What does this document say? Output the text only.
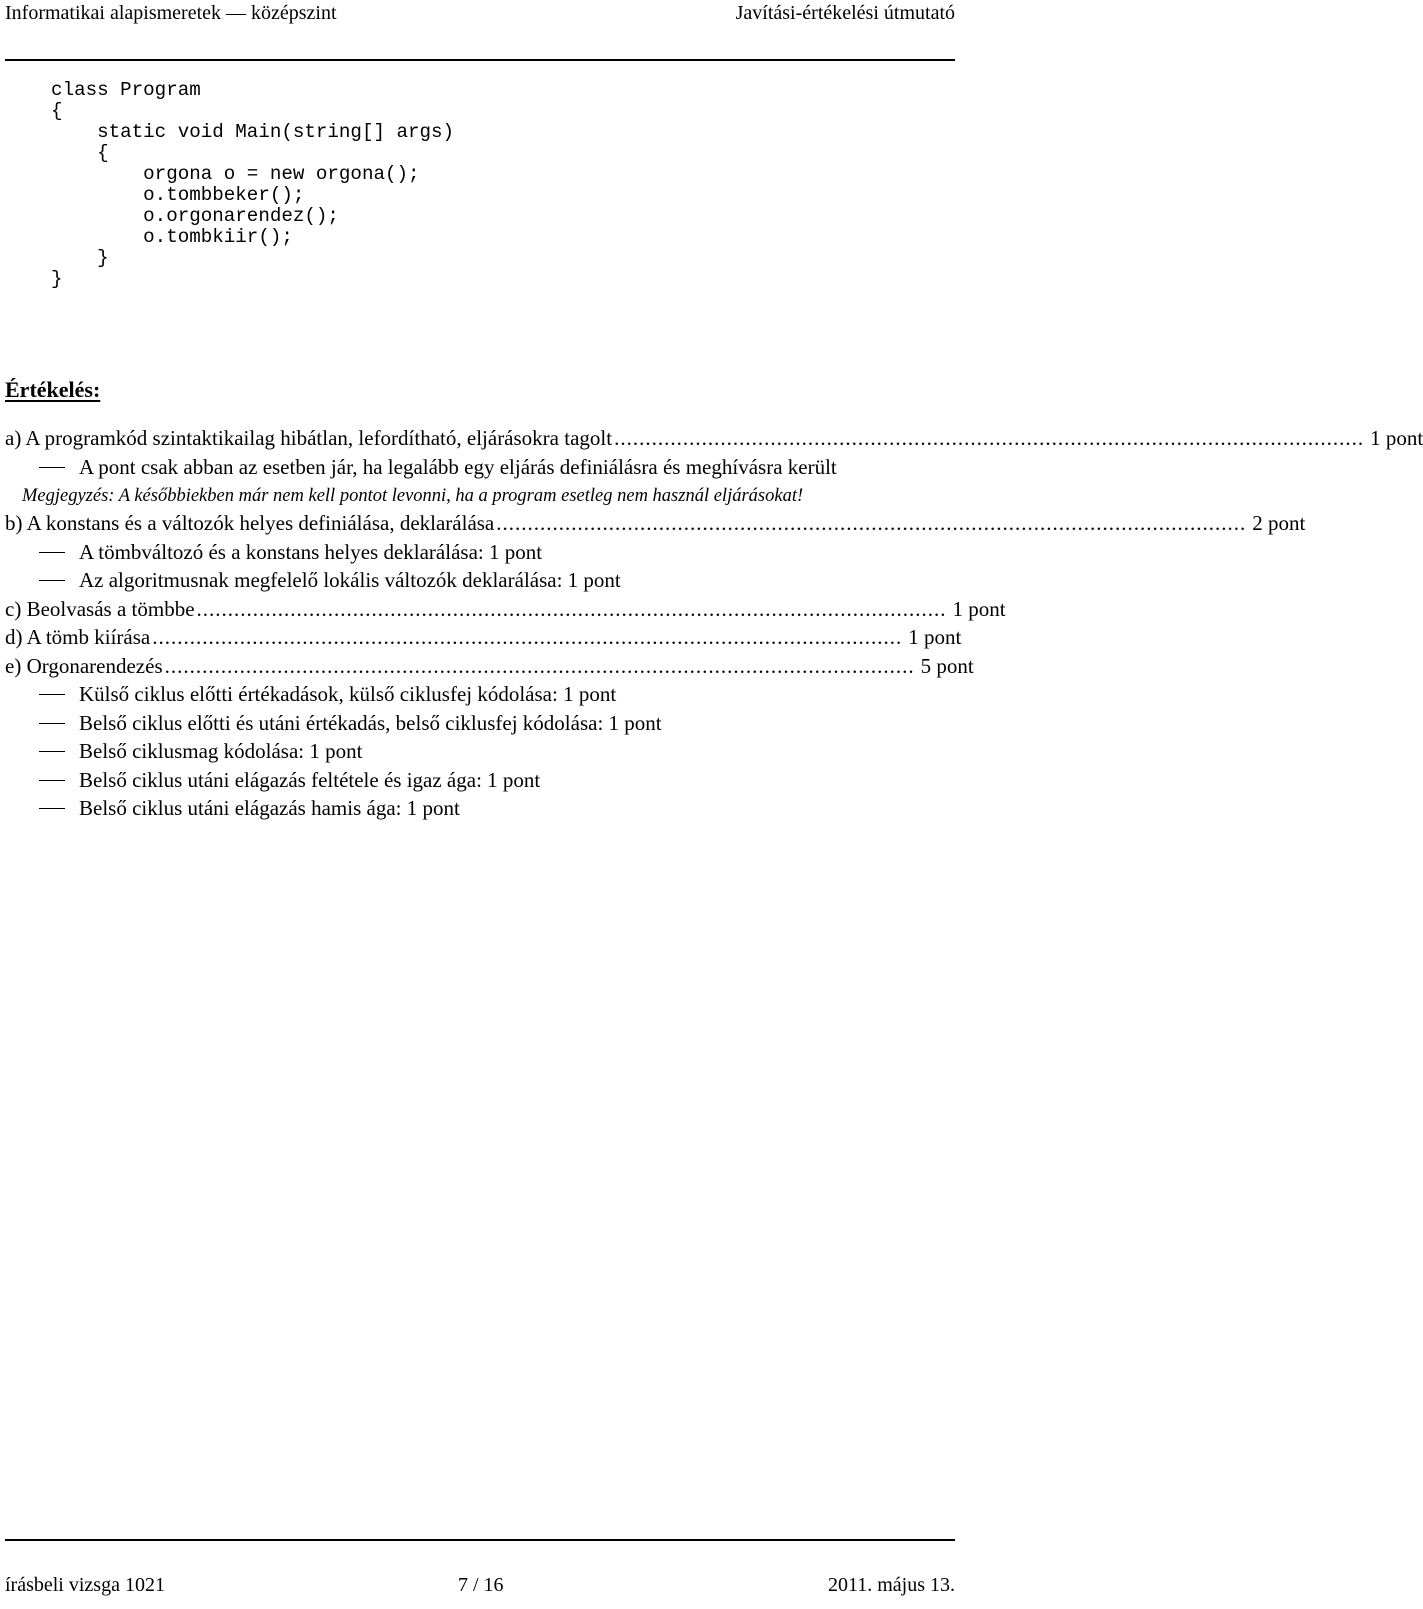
Informatikai alapismeretek — középszint	Javítási-értékelési útmutató
class Program
{
static void Main(string[] args)
{
orgona o = new orgona();
o.tombbeker();
o.orgonarendez();
o.tombkiir();
}
}
Értékelés:
a) A programkód szintaktikailag hibátlan, lefordítható, eljárásokra tagolt ........................................................................................................................ 1 pont
A pont csak abban az esetben jár, ha legalább egy eljárás definiálásra és meghívásra került
Megjegyzés: A későbbiekben már nem kell pontot levonni, ha a program esetleg nem használ eljárásokat!
b) A konstans és a változók helyes definiálása, deklarálása ........................................................................................................................ 2 pont
A tömbváltozó és a konstans helyes deklarálása: 1 pont
Az algoritmusnak megfelelő lokális változók deklarálása: 1 pont
c) Beolvasás a tömbbe ........................................................................................................................ 1 pont
d) A tömb kiírása ........................................................................................................................ 1 pont
e) Orgonarendezés ........................................................................................................................ 5 pont
Külső ciklus előtti értékadások, külső ciklusfej kódolása: 1 pont
Belső ciklus előtti és utáni értékadás, belső ciklusfej kódolása: 1 pont
Belső ciklusmag kódolása: 1 pont
Belső ciklus utáni elágazás feltétele és igaz ága: 1 pont
Belső ciklus utáni elágazás hamis ága: 1 pont
írásbeli vizsga 1021	7 / 16	2011. május 13.
